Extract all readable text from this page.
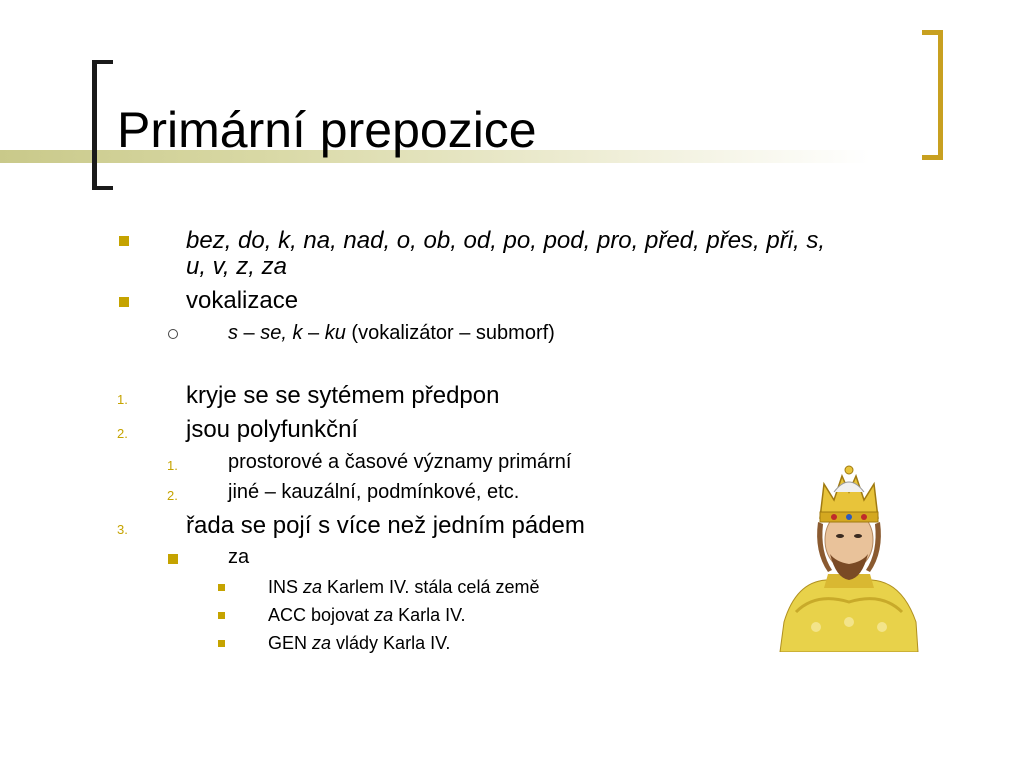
Primární prepozice
bez, do, k, na, nad, o, ob, od, po, pod, pro, před, přes, při, s,
u, v, z, za
vokalizace
s – se, k – ku (vokalizátor – submorf)
1. kryje se se sytémem předpon
2. jsou polyfunkční
1.	prostorové a časové významy primární
2.	jiné – kauzální, podmínkové, etc.
3. řada se pojí s více než jedním pádem
za
INS za Karlem IV. stála celá země
ACC bojovat za Karla IV.
GEN za vlády Karla IV.
